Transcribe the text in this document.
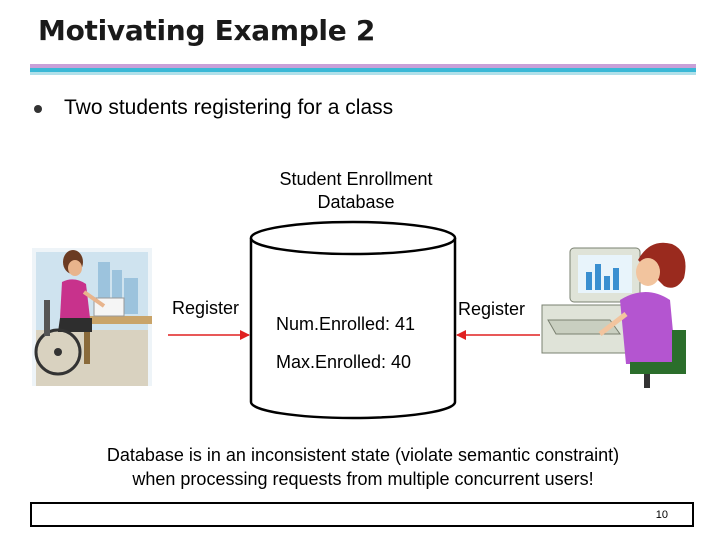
Motivating Example 2
Two students registering for a class
Student Enrollment
Database
Register	Register
Num.Enrolled: 41
Max.Enrolled: 40
Database is in an inconsistent state (violate semantic constraint)
when processing requests from multiple concurrent users!
10
